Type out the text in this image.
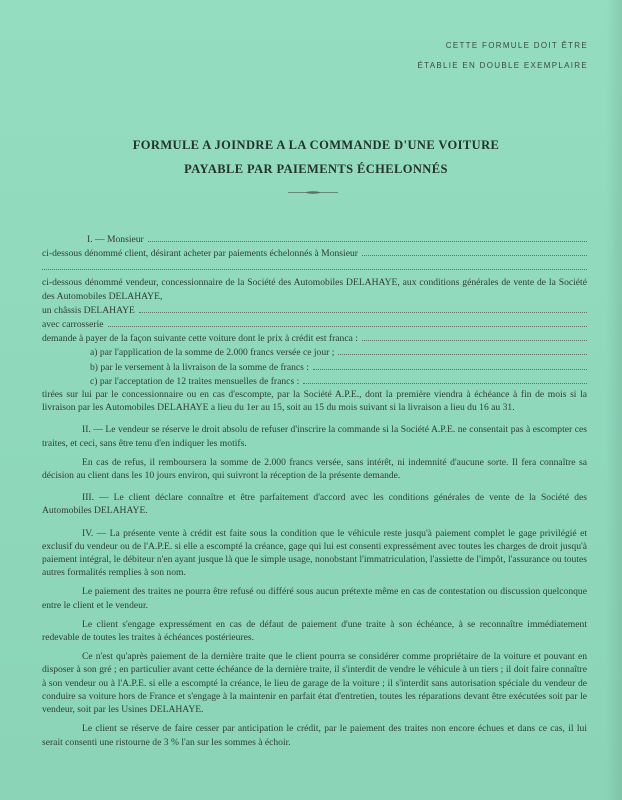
CETTE FORMULE DOIT ÊTRE
ÉTABLIE EN DOUBLE EXEMPLAIRE
FORMULE A JOINDRE A LA COMMANDE D'UNE VOITURE
PAYABLE PAR PAIEMENTS ÉCHELONNÉS
I. — Monsieur
ci-dessous dénommé client, désirant acheter par paiements échelonnés à Monsieur

ci-dessous dénommé vendeur, concessionnaire de la Société des Automobiles DELAHAYE, aux conditions générales de vente de la Société des Automobiles DELAHAYE,

un châssis DELAHAYE
avec carrosserie
demande à payer de la façon suivante cette voiture dont le prix à crédit est franca :
a) par l'application de la somme de 2.000 francs versée ce jour ;
b) par le versement à la livraison de la somme de francs :
c) par l'acceptation de 12 traites mensuelles de francs :

tirées sur lui par le concessionnaire ou en cas d'escompte, par la Société A.P.E., dont la première viendra à échéance à fin de mois si la livraison par les Automobiles DELAHAYE a lieu du 1er au 15, soit au 15 du mois suivant si la livraison a lieu du 16 au 31.

II. — Le vendeur se réserve le droit absolu de refuser d'inscrire la commande si la Société A.P.E. ne consentait pas à escompter ces traites, et ceci, sans être tenu d'en indiquer les motifs.

En cas de refus, il remboursera la somme de 2.000 francs versée, sans intérêt, ni indemnité d'aucune sorte. Il fera connaître sa décision au client dans les 10 jours environ, qui suivront la réception de la présente demande.

III. — Le client déclare connaître et être parfaitement d'accord avec les conditions générales de vente de la Société des Automobiles DELAHAYE.

IV. — La présente vente à crédit est faite sous la condition que le véhicule reste jusqu'à paiement complet le gage privilégié et exclusif du vendeur ou de l'A.P.E. si elle a escompté la créance, gage qui lui est consenti expressément avec toutes les charges de droit jusqu'à paiement intégral, le débiteur n'en ayant jusque là que le simple usage, nonobstant l'immatriculation, l'assiette de l'impôt, l'assurance ou toutes autres formalités remplies à son nom.

Le paiement des traites ne pourra être refusé ou différé sous aucun prétexte même en cas de contestation ou discussion quelconque entre le client et le vendeur.

Le client s'engage expressément en cas de défaut de paiement d'une traite à son échéance, à se reconnaître immédiatement redevable de toutes les traites à échéances postérieures.

Ce n'est qu'après paiement de la dernière traite que le client pourra se considérer comme propriétaire de la voiture et pouvant en disposer à son gré ; en particulier avant cette échéance de la dernière traite, il s'interdit de vendre le véhicule à un tiers ; il doit faire connaître à son vendeur ou à l'A.P.E. si elle a escompté la créance, le lieu de garage de la voiture ; il s'interdit sans autorisation spéciale du vendeur de conduire sa voiture hors de France et s'engage à la maintenir en parfait état d'entretien, toutes les réparations devant être exécutées soit par le vendeur, soit par les Usines DELAHAYE.

Le client se réserve de faire cesser par anticipation le crédit, par le paiement des traites non encore échues et dans ce cas, il lui serait consenti une ristourne de 3 % l'an sur les sommes à échoir.
